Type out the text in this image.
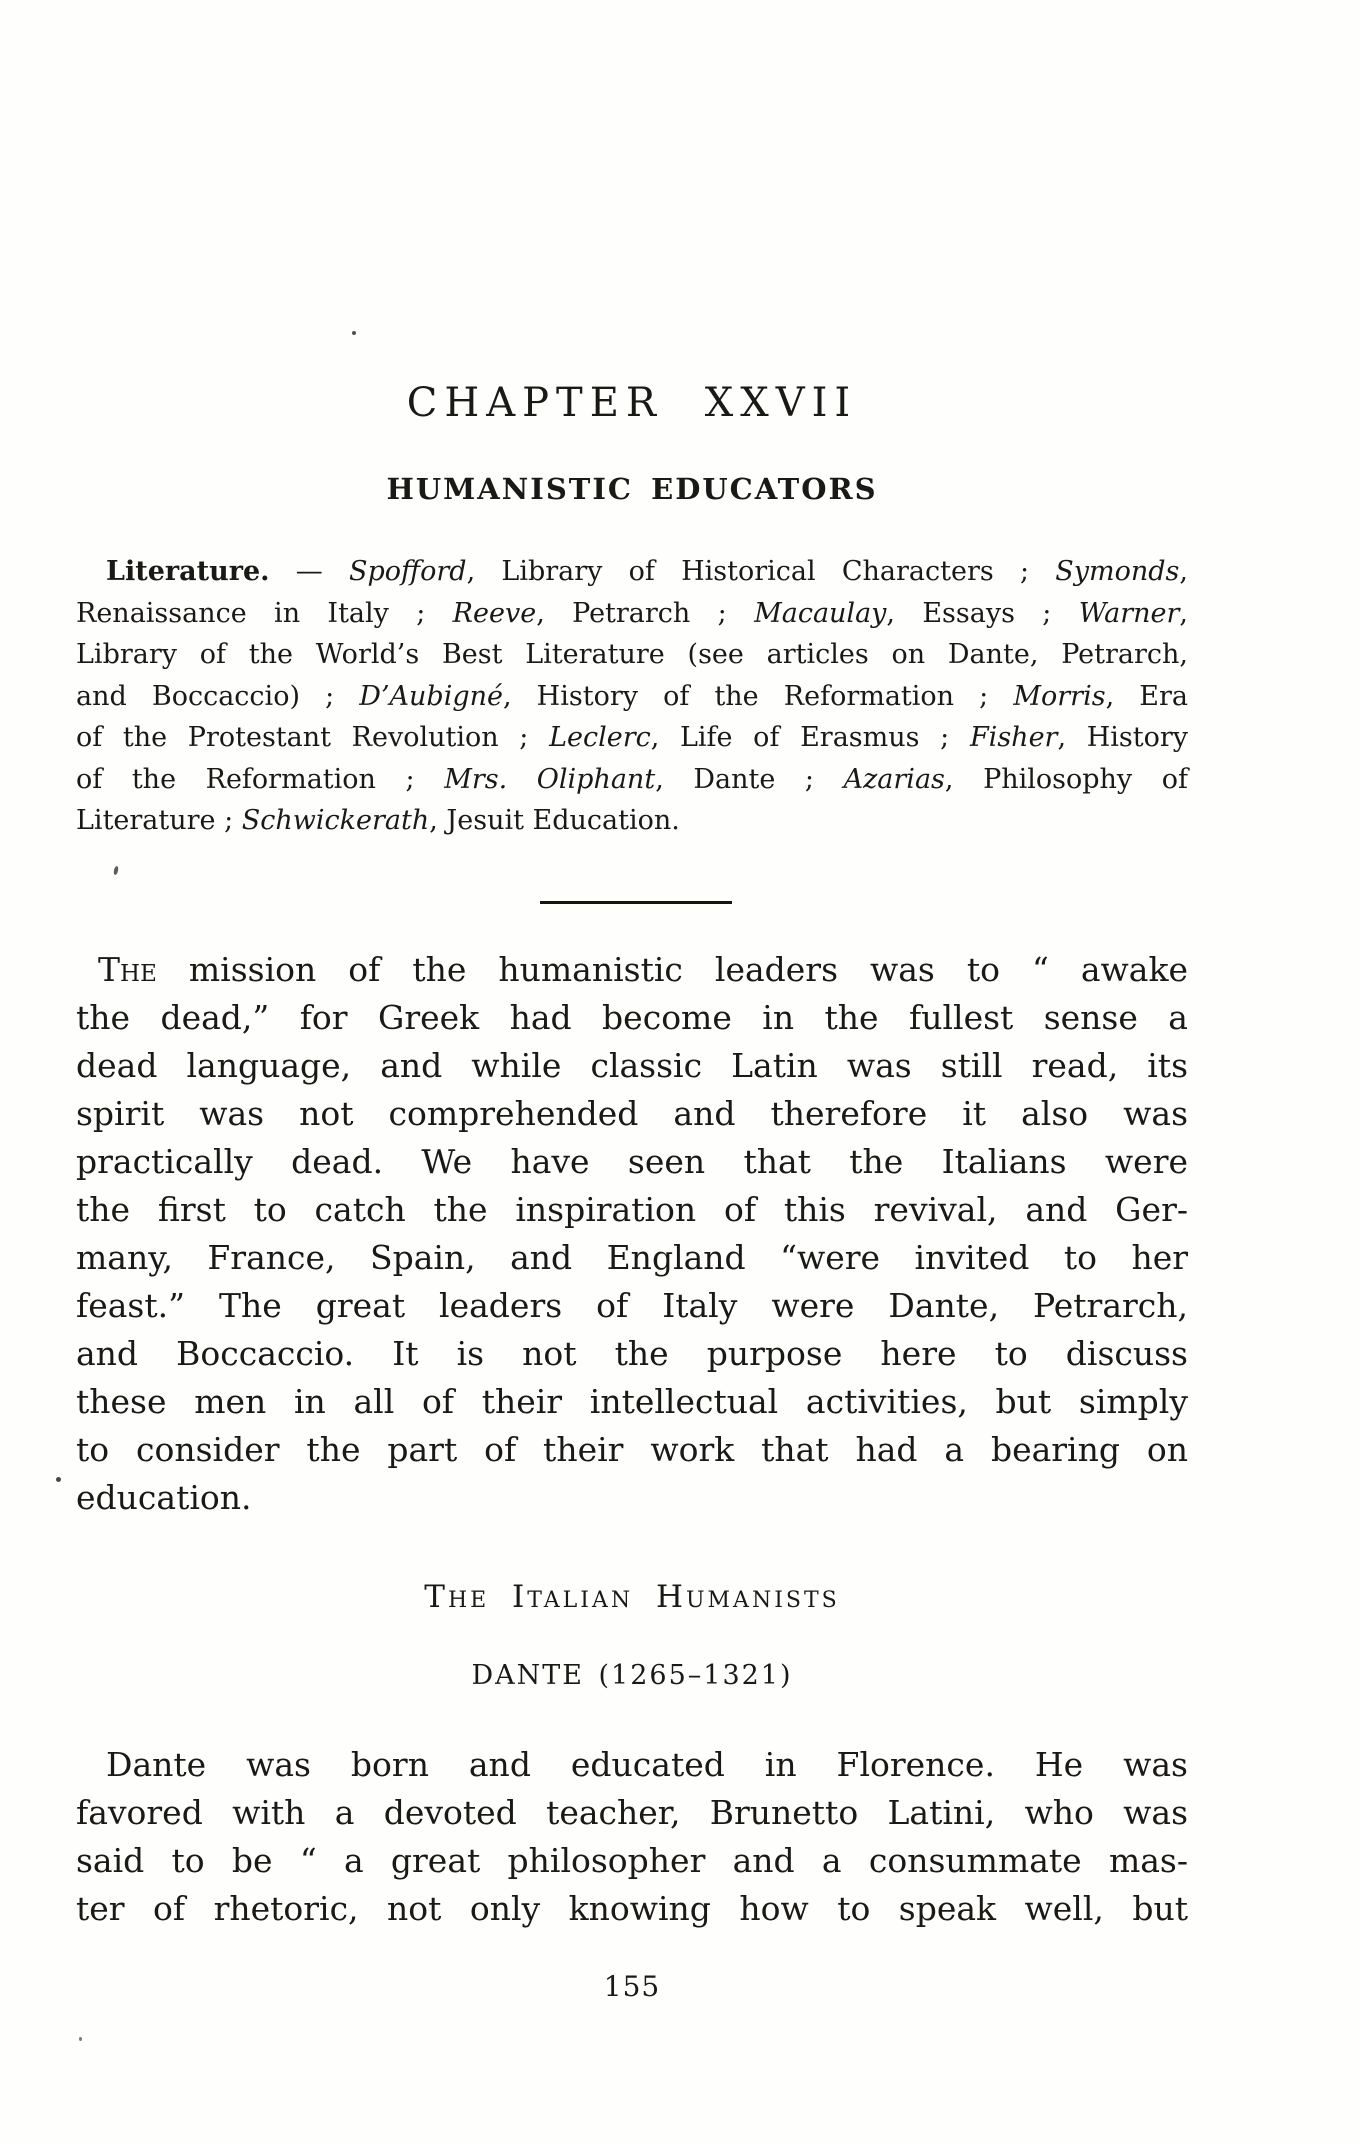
CHAPTER XXVII
HUMANISTIC EDUCATORS
Literature. — Spofford, Library of Historical Characters ; Symonds,
Renaissance in Italy ; Reeve, Petrarch ; Macaulay, Essays ; Warner,
Library of the World’s Best Literature (see articles on Dante, Petrarch,
and Boccaccio) ; D’Aubigné, History of the Reformation ; Morris, Era
of the Protestant Revolution ; Leclerc, Life of Erasmus ; Fisher, History
of the Reformation ; Mrs. Oliphant, Dante ; Azarias, Philosophy of
Literature ; Schwickerath, Jesuit Education.
The mission of the humanistic leaders was to “ awake
the dead,” for Greek had become in the fullest sense a
dead language, and while classic Latin was still read, its
spirit was not comprehended and therefore it also was
practically dead. We have seen that the Italians were
the first to catch the inspiration of this revival, and Ger-
many, France, Spain, and England “were invited to her
feast.” The great leaders of Italy were Dante, Petrarch,
and Boccaccio. It is not the purpose here to discuss
these men in all of their intellectual activities, but simply
to consider the part of their work that had a bearing on
education.
The Italian Humanists
DANTE (1265–1321)
Dante was born and educated in Florence. He was
favored with a devoted teacher, Brunetto Latini, who was
said to be “ a great philosopher and a consummate mas-
ter of rhetoric, not only knowing how to speak well, but
155
